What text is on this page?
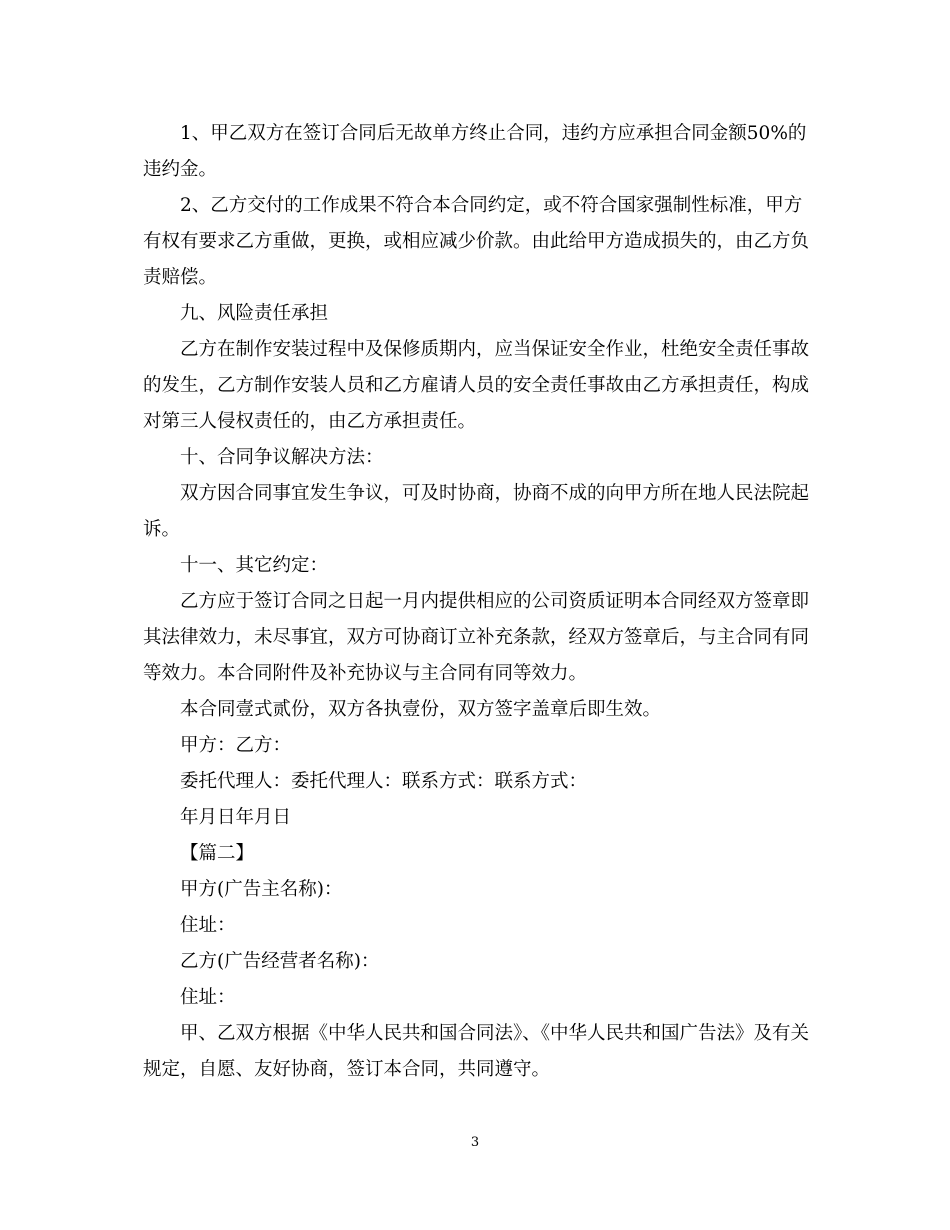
1、甲乙双方在签订合同后无故单方终止合同，违约方应承担合同金额50%的违约金。

2、乙方交付的工作成果不符合本合同约定，或不符合国家强制性标准，甲方有权有要求乙方重做，更换，或相应减少价款。由此给甲方造成损失的，由乙方负责赔偿。

九、风险责任承担

乙方在制作安装过程中及保修质期内，应当保证安全作业，杜绝安全责任事故的发生，乙方制作安装人员和乙方雇请人员的安全责任事故由乙方承担责任，构成对第三人侵权责任的，由乙方承担责任。

十、合同争议解决方法：

双方因合同事宜发生争议，可及时协商，协商不成的向甲方所在地人民法院起诉。

十一、其它约定：

乙方应于签订合同之日起一月内提供相应的公司资质证明本合同经双方签章即其法律效力，未尽事宜，双方可协商订立补充条款，经双方签章后，与主合同有同等效力。本合同附件及补充协议与主合同有同等效力。

本合同壹式贰份，双方各执壹份，双方签字盖章后即生效。

甲方：乙方：

委托代理人：委托代理人：联系方式：联系方式：

年月日年月日

【篇二】

甲方(广告主名称)：

住址：

乙方(广告经营者名称)：

住址：

甲、乙双方根据《中华人民共和国合同法》、《中华人民共和国广告法》及有关规定，自愿、友好协商，签订本合同，共同遵守。

3
